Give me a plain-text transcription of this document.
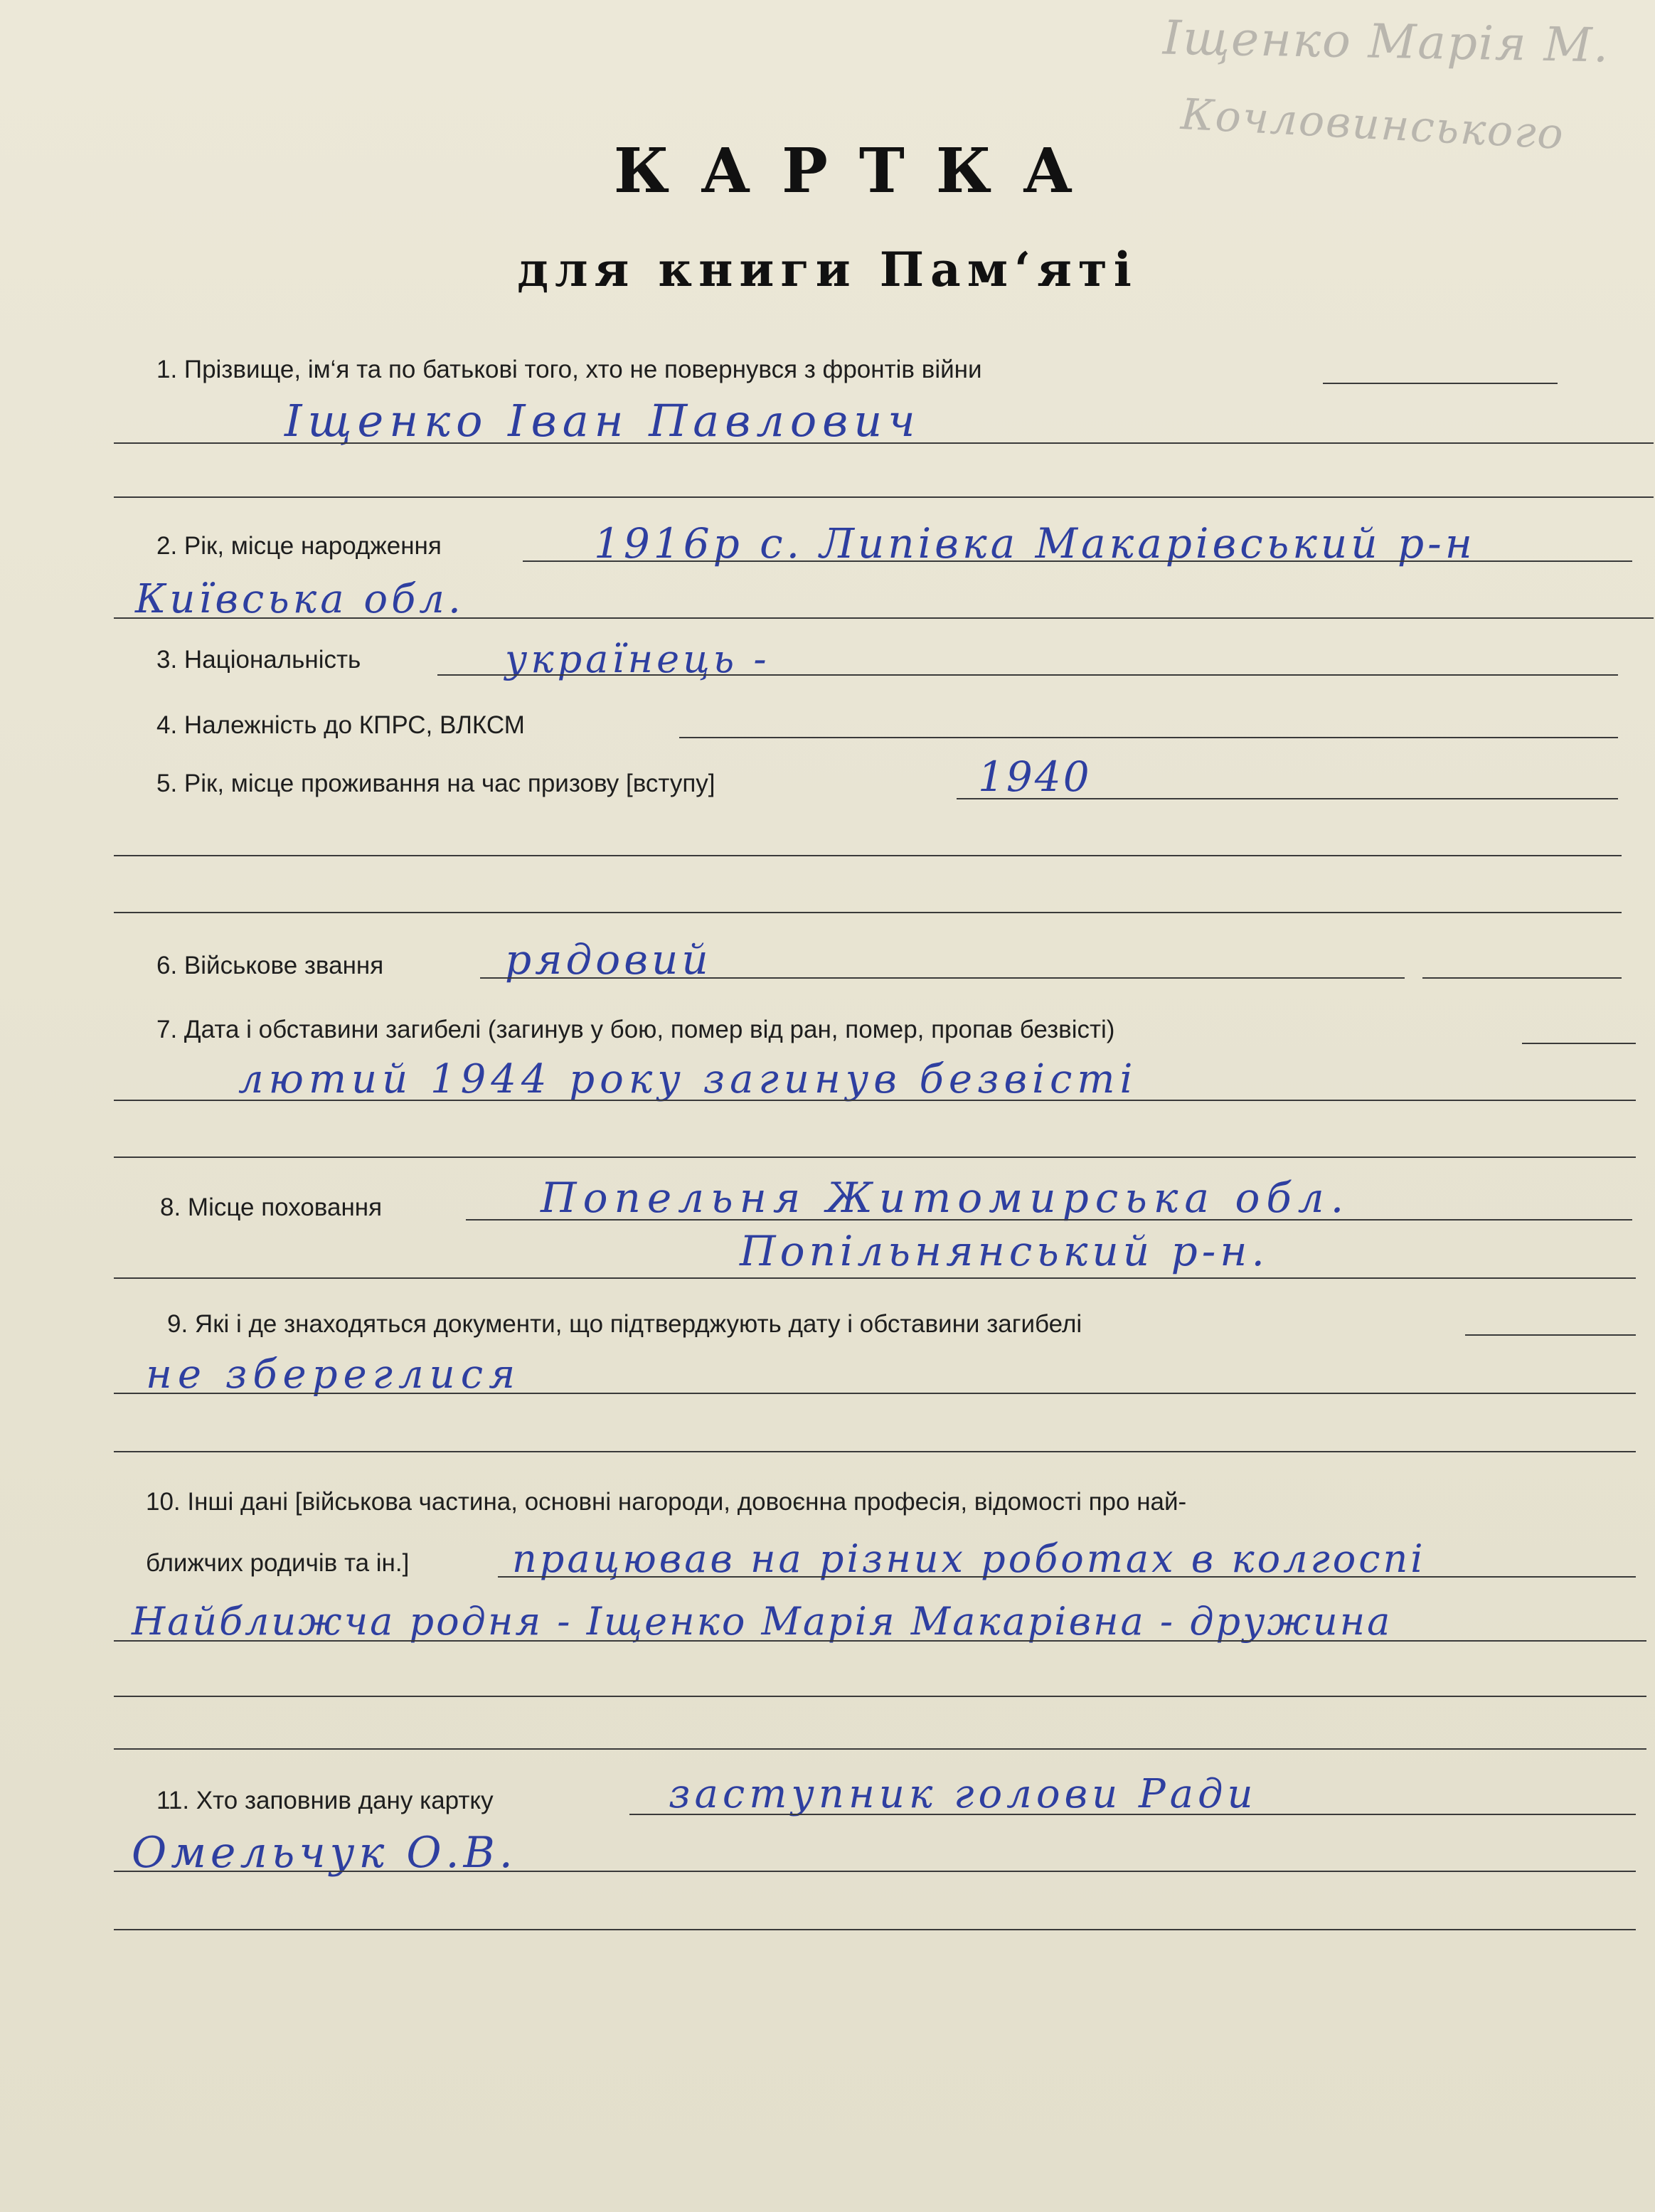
Іщенко Марія М.
Кочловинського
КАРТКА
для книги Пам‘яті
1. Прізвище, ім‘я та по батькові того, хто не повернувся з фронтів війни
Іщенко Іван Павлович
2. Рік, місце народження	1916р с. Липівка Макарівський р-н
Київська обл.
3. Національність	українець -
4. Належність до КПРС, ВЛКСМ
5. Рік, місце проживання на час призову [вступу]	1940
6. Військове звання	рядовий
7. Дата і обставини загибелі (загинув у бою, помер від ран, помер, пропав безвісті)
лютий 1944 року загинув безвісті
8. Місце поховання	Попельня Житомирська обл.
Попільнянський р-н.
9. Які і де знаходяться документи, що підтверджують дату і обставини загибелі
не збереглися
10. Інші дані [військова частина, основні нагороди, довоєнна професія, відомості про най-
ближчих родичів та ін.]	працював на різних роботах в колгоспі
Найближча родня - Іщенко Марія Макарівна - дружина
11. Хто заповнив дану картку	заступник голови Ради
Омельчук О.В.
